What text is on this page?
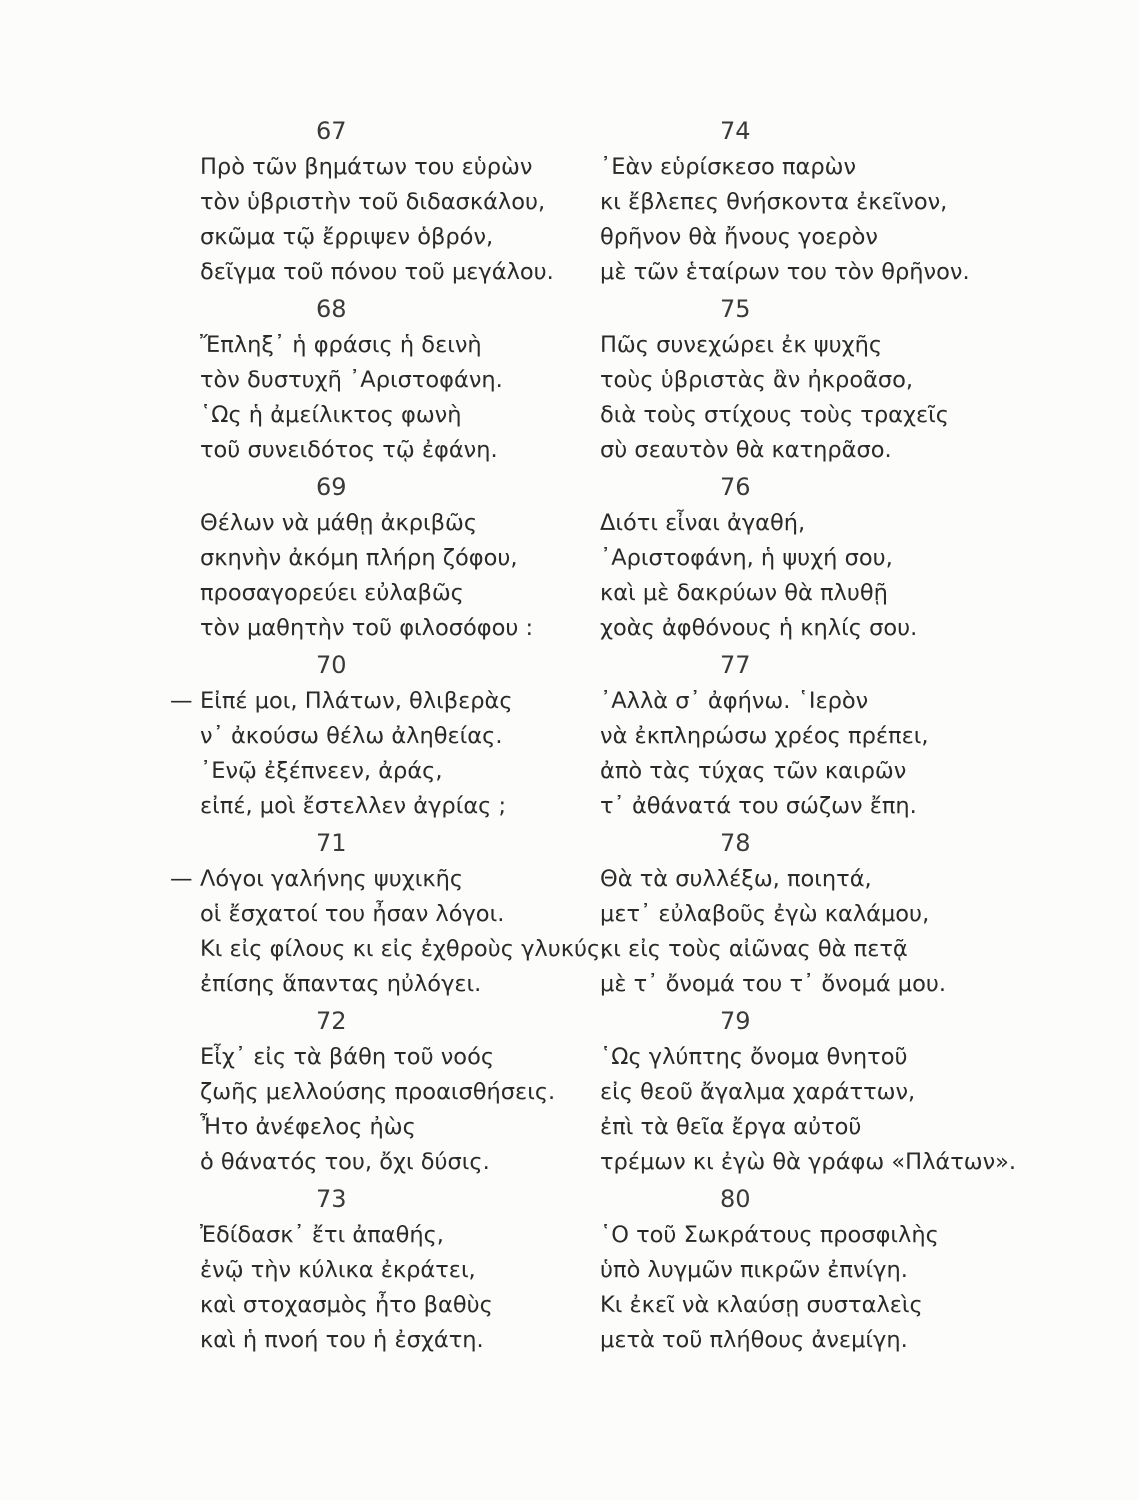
67
Πρὸ τῶν βημάτων του εὑρὼν
τὸν ὑβριστὴν τοῦ διδασκάλου,
σκῶμα τῷ ἔρριψεν ὁβρόν,
δεῖγμα τοῦ πόνου τοῦ μεγάλου.
68
Ἔπληξ᾽ ἡ φράσις ἡ δεινὴ
τὸν δυστυχῆ ᾽Αριστοφάνη.
῾Ως ἡ ἀμείλικτος φωνὴ
τοῦ συνειδότος τῷ ἐφάνη.
69
Θέλων νὰ μάθῃ ἀκριβῶς
σκηνὴν ἀκόμη πλήρη ζόφου,
προσαγορεύει εὐλαβῶς
τὸν μαθητὴν τοῦ φιλοσόφου :
70
— Εἰπέ μοι, Πλάτων, θλιβερὰς
ν᾽ ἀκούσω θέλω ἀληθείας.
᾽Ενῷ ἐξέπνεεν, ἀράς,
εἰπέ, μοὶ ἔστελλεν ἀγρίας ;
71
— Λόγοι γαλήνης ψυχικῆς
οἱ ἔσχατοί του ἦσαν λόγοι.
Κι εἰς φίλους κι εἰς ἐχθροὺς γλυκύς,
ἐπίσης ἅπαντας ηὐλόγει.
72
Εἶχ᾽ εἰς τὰ βάθη τοῦ νοός
ζωῆς μελλούσης προαισθήσεις.
Ἦτο ἀνέφελος ἠὼς
ὁ θάνατός του, ὄχι δύσις.
73
Ἐδίδασκ᾽ ἔτι ἀπαθής,
ἐνῷ τὴν κύλικα ἐκράτει,
καὶ στοχασμὸς ἦτο βαθὺς
καὶ ἡ πνοή του ἡ ἐσχάτη.
74
᾽Εὰν εὑρίσκεσο παρὼν
κι ἔβλεπες θνήσκοντα ἐκεῖνον,
θρῆνον θὰ ἤνους γοερὸν
μὲ τῶν ἑταίρων του τὸν θρῆνον.
75
Πῶς συνεχώρει ἐκ ψυχῆς
τοὺς ὑβριστὰς ἂν ἠκροᾶσο,
διὰ τοὺς στίχους τοὺς τραχεῖς
σὺ σεαυτὸν θὰ κατηρᾶσο.
76
Διότι εἶναι ἀγαθή,
᾽Αριστοφάνη, ἡ ψυχή σου,
καὶ μὲ δακρύων θὰ πλυθῇ
χοὰς ἀφθόνους ἡ κηλίς σου.
77
᾽Αλλὰ σ᾽ ἀφήνω. ῾Ιερὸν
νὰ ἐκπληρώσω χρέος πρέπει,
ἀπὸ τὰς τύχας τῶν καιρῶν
τ᾽ ἀθάνατά του σώζων ἔπη.
78
Θὰ τὰ συλλέξω, ποιητά,
μετ᾽ εὐλαβοῦς ἐγὼ καλάμου,
κι εἰς τοὺς αἰῶνας θὰ πετᾷ
μὲ τ᾽ ὄνομά του τ᾽ ὄνομά μου.
79
῾Ως γλύπτης ὄνομα θνητοῦ
εἰς θεοῦ ἄγαλμα χαράττων,
ἐπὶ τὰ θεῖα ἔργα αὐτοῦ
τρέμων κι ἐγὼ θὰ γράφω «Πλάτων».
80
῾Ο τοῦ Σωκράτους προσφιλὴς
ὑπὸ λυγμῶν πικρῶν ἐπνίγη.
Κι ἐκεῖ νὰ κλαύσῃ συσταλεὶς
μετὰ τοῦ πλήθους ἀνεμίγη.
